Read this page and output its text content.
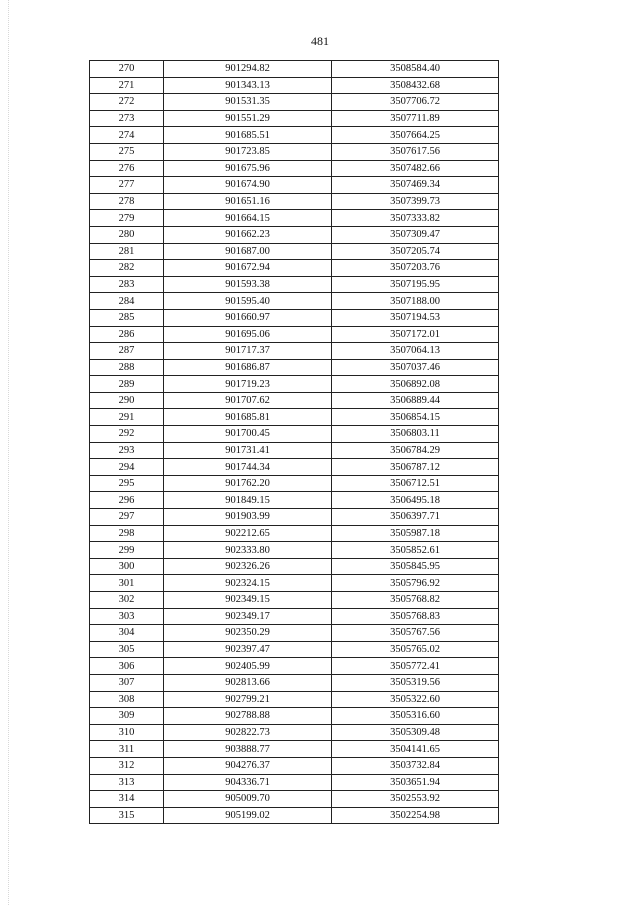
481
270	901294.82	3508584.40
271	901343.13	3508432.68
272	901531.35	3507706.72
273	901551.29	3507711.89
274	901685.51	3507664.25
275	901723.85	3507617.56
276	901675.96	3507482.66
277	901674.90	3507469.34
278	901651.16	3507399.73
279	901664.15	3507333.82
280	901662.23	3507309.47
281	901687.00	3507205.74
282	901672.94	3507203.76
283	901593.38	3507195.95
284	901595.40	3507188.00
285	901660.97	3507194.53
286	901695.06	3507172.01
287	901717.37	3507064.13
288	901686.87	3507037.46
289	901719.23	3506892.08
290	901707.62	3506889.44
291	901685.81	3506854.15
292	901700.45	3506803.11
293	901731.41	3506784.29
294	901744.34	3506787.12
295	901762.20	3506712.51
296	901849.15	3506495.18
297	901903.99	3506397.71
298	902212.65	3505987.18
299	902333.80	3505852.61
300	902326.26	3505845.95
301	902324.15	3505796.92
302	902349.15	3505768.82
303	902349.17	3505768.83
304	902350.29	3505767.56
305	902397.47	3505765.02
306	902405.99	3505772.41
307	902813.66	3505319.56
308	902799.21	3505322.60
309	902788.88	3505316.60
310	902822.73	3505309.48
311	903888.77	3504141.65
312	904276.37	3503732.84
313	904336.71	3503651.94
314	905009.70	3502553.92
315	905199.02	3502254.98
